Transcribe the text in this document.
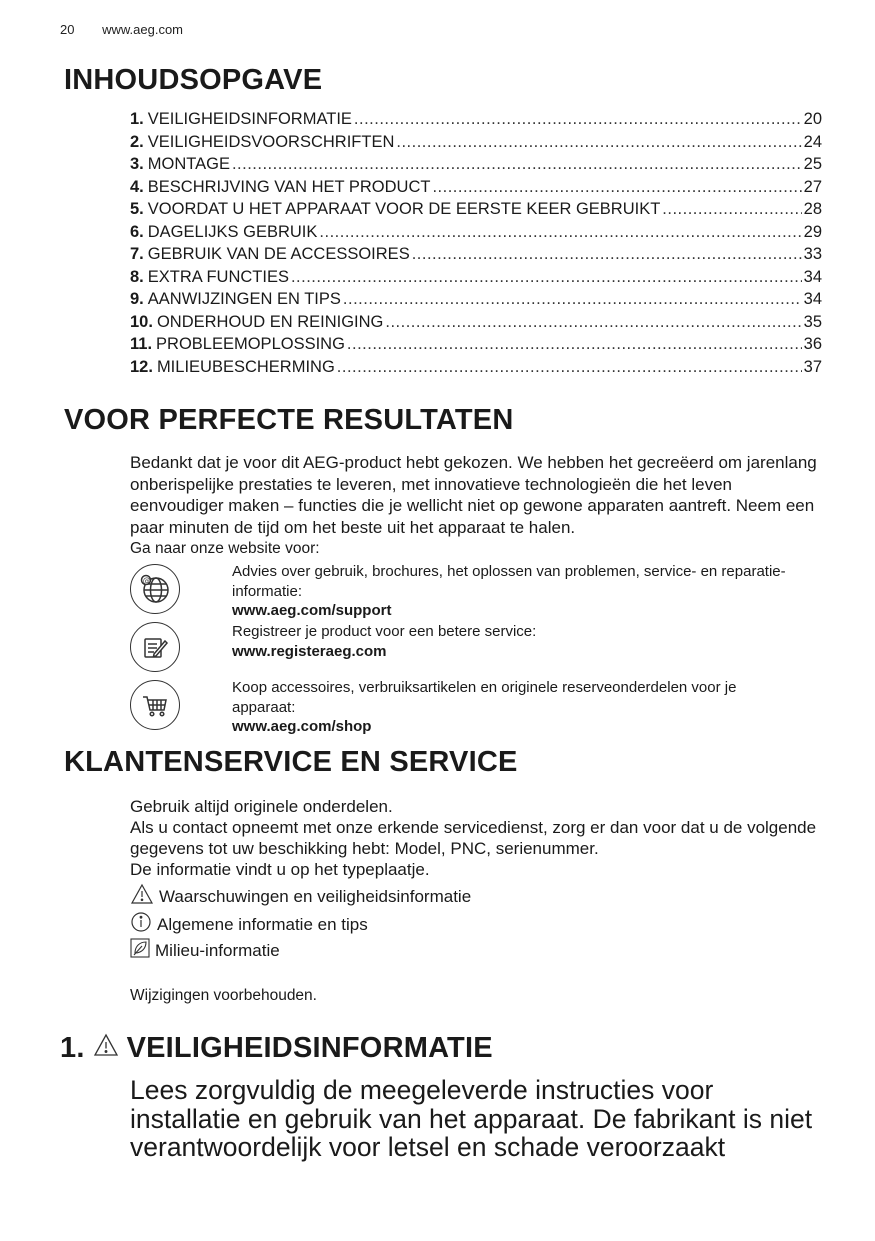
20 www.aeg.com
INHOUDSOPGAVE
1. VEILIGHEIDSINFORMATIE .....	20
2. VEILIGHEIDSVOORSCHRIFTEN .....	24
3. MONTAGE .....	25
4. BESCHRIJVING VAN HET PRODUCT .....	27
5. VOORDAT U HET APPARAAT VOOR DE EERSTE KEER GEBRUIKT .....	28
6. DAGELIJKS GEBRUIK .....	29
7. GEBRUIK VAN DE ACCESSOIRES .....	33
8. EXTRA FUNCTIES .....	34
9. AANWIJZINGEN EN TIPS .....	34
10. ONDERHOUD EN REINIGING .....	35
11. PROBLEEMOPLOSSING .....	36
12. MILIEUBESCHERMING .....	37
VOOR PERFECTE RESULTATEN
Bedankt dat je voor dit AEG-product hebt gekozen. We hebben het gecreëerd om jarenlang onberispelijke prestaties te leveren, met innovatieve technologieën die het leven eenvoudiger maken – functies die je wellicht niet op gewone apparaten aantreft. Neem een paar minuten de tijd om het beste uit het apparaat te halen.
Ga naar onze website voor:
@
Advies over gebruik, brochures, het oplossen van problemen, service- en reparatie-informatie:
www.aeg.com/support
Registreer je product voor een betere service:
www.registeraeg.com
Koop accessoires, verbruiksartikelen en originele reserveonderdelen voor je apparaat:
www.aeg.com/shop
KLANTENSERVICE EN SERVICE
Gebruik altijd originele onderdelen.
Als u contact opneemt met onze erkende servicedienst, zorg er dan voor dat u de volgende gegevens tot uw beschikking hebt: Model, PNC, serienummer.
De informatie vindt u op het typeplaatje.
Waarschuwingen en veiligheidsinformatie
Algemene informatie en tips
Milieu-informatie
Wijzigingen voorbehouden.
1. VEILIGHEIDSINFORMATIE
Lees zorgvuldig de meegeleverde instructies voor installatie en gebruik van het apparaat. De fabrikant is niet verantwoordelijk voor letsel en schade veroorzaakt
